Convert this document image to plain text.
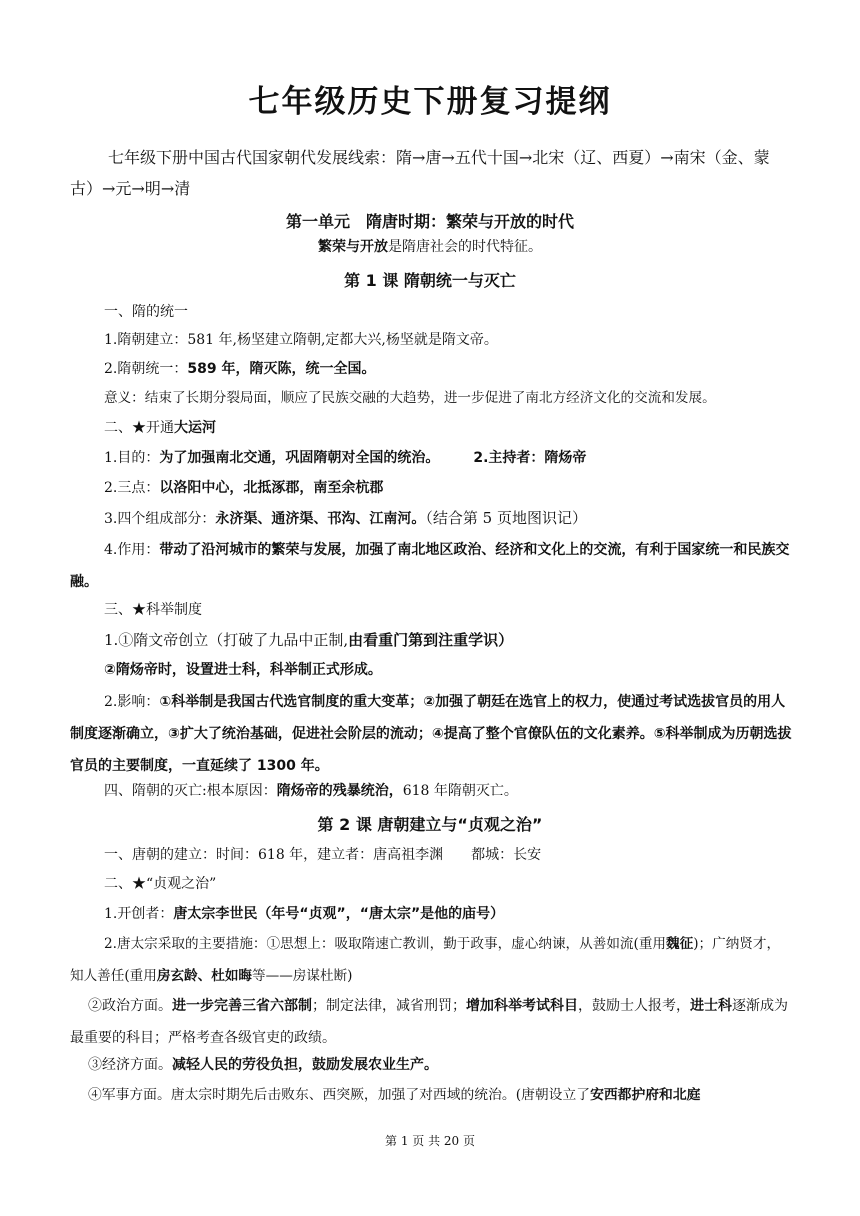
七年级历史下册复习提纲
七年级下册中国古代国家朝代发展线索：隋→唐→五代十国→北宋（辽、西夏）→南宋（金、蒙古）→元→明→清
第一单元　隋唐时期：繁荣与开放的时代
繁荣与开放是隋唐社会的时代特征。
第 1 课 隋朝统一与灭亡
一、隋的统一
1.隋朝建立：581 年,杨坚建立隋朝,定都大兴,杨坚就是隋文帝。
2.隋朝统一：589 年，隋灭陈，统一全国。
意义：结束了长期分裂局面，顺应了民族交融的大趋势，进一步促进了南北方经济文化的交流和发展。
二、★开通大运河
1.目的：为了加强南北交通，巩固隋朝对全国的统治。 2.主持者：隋炀帝
2.三点：以洛阳中心，北抵涿郡，南至余杭郡
3.四个组成部分：永济渠、通济渠、邗沟、江南河。（结合第 5 页地图识记）
4.作用：带动了沿河城市的繁荣与发展，加强了南北地区政治、经济和文化上的交流，有利于国家统一和民族交融。
三、★科举制度
1.①隋文帝创立（打破了九品中正制,由看重门第到注重学识）
②隋炀帝时，设置进士科，科举制正式形成。
2.影响：①科举制是我国古代选官制度的重大变革；②加强了朝廷在选官上的权力，使通过考试选拔官员的用人制度逐渐确立，③扩大了统治基础，促进社会阶层的流动；④提高了整个官僚队伍的文化素养。⑤科举制成为历朝选拔官员的主要制度，一直延续了 1300 年。
四、隋朝的灭亡:根本原因：隋炀帝的残暴统治，618 年隋朝灭亡。
第 2 课 唐朝建立与“贞观之治”
一、唐朝的建立：时间：618 年，建立者：唐高祖李渊　　都城：长安
二、★“贞观之治”
1.开创者：唐太宗李世民（年号“贞观”，“唐太宗”是他的庙号）
2.唐太宗采取的主要措施：①思想上：吸取隋速亡教训，勤于政事，虚心纳谏，从善如流(重用魏征)；广纳贤才，知人善任(重用房玄龄、杜如晦等——房谋杜断)
②政治方面。进一步完善三省六部制；制定法律，减省刑罚；增加科举考试科目，鼓励士人报考，进士科逐渐成为最重要的科目；严格考查各级官吏的政绩。
③经济方面。减轻人民的劳役负担，鼓励发展农业生产。
④军事方面。唐太宗时期先后击败东、西突厥，加强了对西域的统治。(唐朝设立了安西都护府和北庭
第 1 页 共 20 页
